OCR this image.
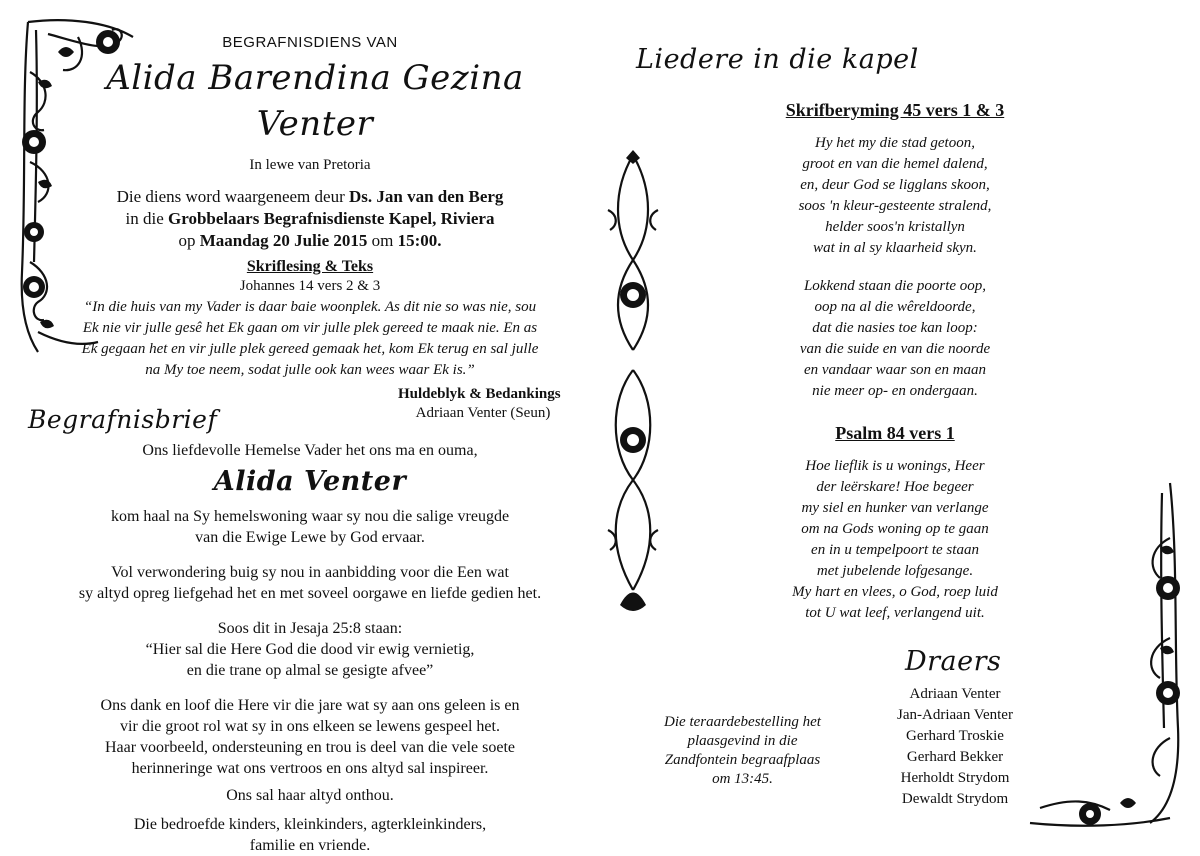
BEGRAFNISDIENS VAN
Alida Barendina Gezina
Venter
In lewe van Pretoria
Die diens word waargeneem deur Ds. Jan van den Berg
in die Grobbelaars Begrafnisdienste Kapel, Riviera
op Maandag 20 Julie 2015 om 15:00.
Skriflesing & Teks
Johannes 14 vers 2 & 3
“In die huis van my Vader is daar baie woonplek. As dit nie so was nie, sou
Ek nie vir julle gesê het Ek gaan om vir julle plek gereed te maak nie. En as
Ek gegaan het en vir julle plek gereed gemaak het, kom Ek terug en sal julle
na My toe neem, sodat julle ook kan wees waar Ek is.”
Huldeblyk & Bedankings
Adriaan Venter (Seun)
Begrafnisbrief
Ons liefdevolle Hemelse Vader het ons ma en ouma,
Alida Venter
kom haal na Sy hemelswoning waar sy nou die salige vreugde
van die Ewige Lewe by God ervaar.
Vol verwondering buig sy nou in aanbidding voor die Een wat
sy altyd opreg liefgehad het en met soveel oorgawe en liefde gedien het.
Soos dit in Jesaja 25:8 staan:
“Hier sal die Here God die dood vir ewig vernietig,
en die trane op almal se gesigte afvee”
Ons dank en loof die Here vir die jare wat sy aan ons geleen is en
vir die groot rol wat sy in ons elkeen se lewens gespeel het.
Haar voorbeeld, ondersteuning en trou is deel van die vele soete
herinneringe wat ons vertroos en ons altyd sal inspireer.
Ons sal haar altyd onthou.
Die bedroefde kinders, kleinkinders, agterkleinkinders,
familie en vriende.
Liedere in die kapel
Skrifberyming 45 vers 1 & 3
Hy het my die stad getoon,
groot en van die hemel dalend,
en, deur God se ligglans skoon,
soos 'n kleur-gesteente stralend,
helder soos'n kristallyn
wat in al sy klaarheid skyn.
Lokkend staan die poorte oop,
oop na al die wêreldoorde,
dat die nasies toe kan loop:
van die suide en van die noorde
en vandaar waar son en maan
nie meer op- en ondergaan.
Psalm 84 vers 1
Hoe lieflik is u wonings, Heer
der leërskare! Hoe begeer
my siel en hunker van verlange
om na Gods woning op te gaan
en in u tempelpoort te staan
met jubelende lofgesange.
My hart en vlees, o God, roep luid
tot U wat leef, verlangend uit.
Die teraardebestelling het
plaasgevind in die
Zandfontein begraafplaas
om 13:45.
Draers
Adriaan Venter
Jan-Adriaan Venter
Gerhard Troskie
Gerhard Bekker
Herholdt Strydom
Dewaldt Strydom
